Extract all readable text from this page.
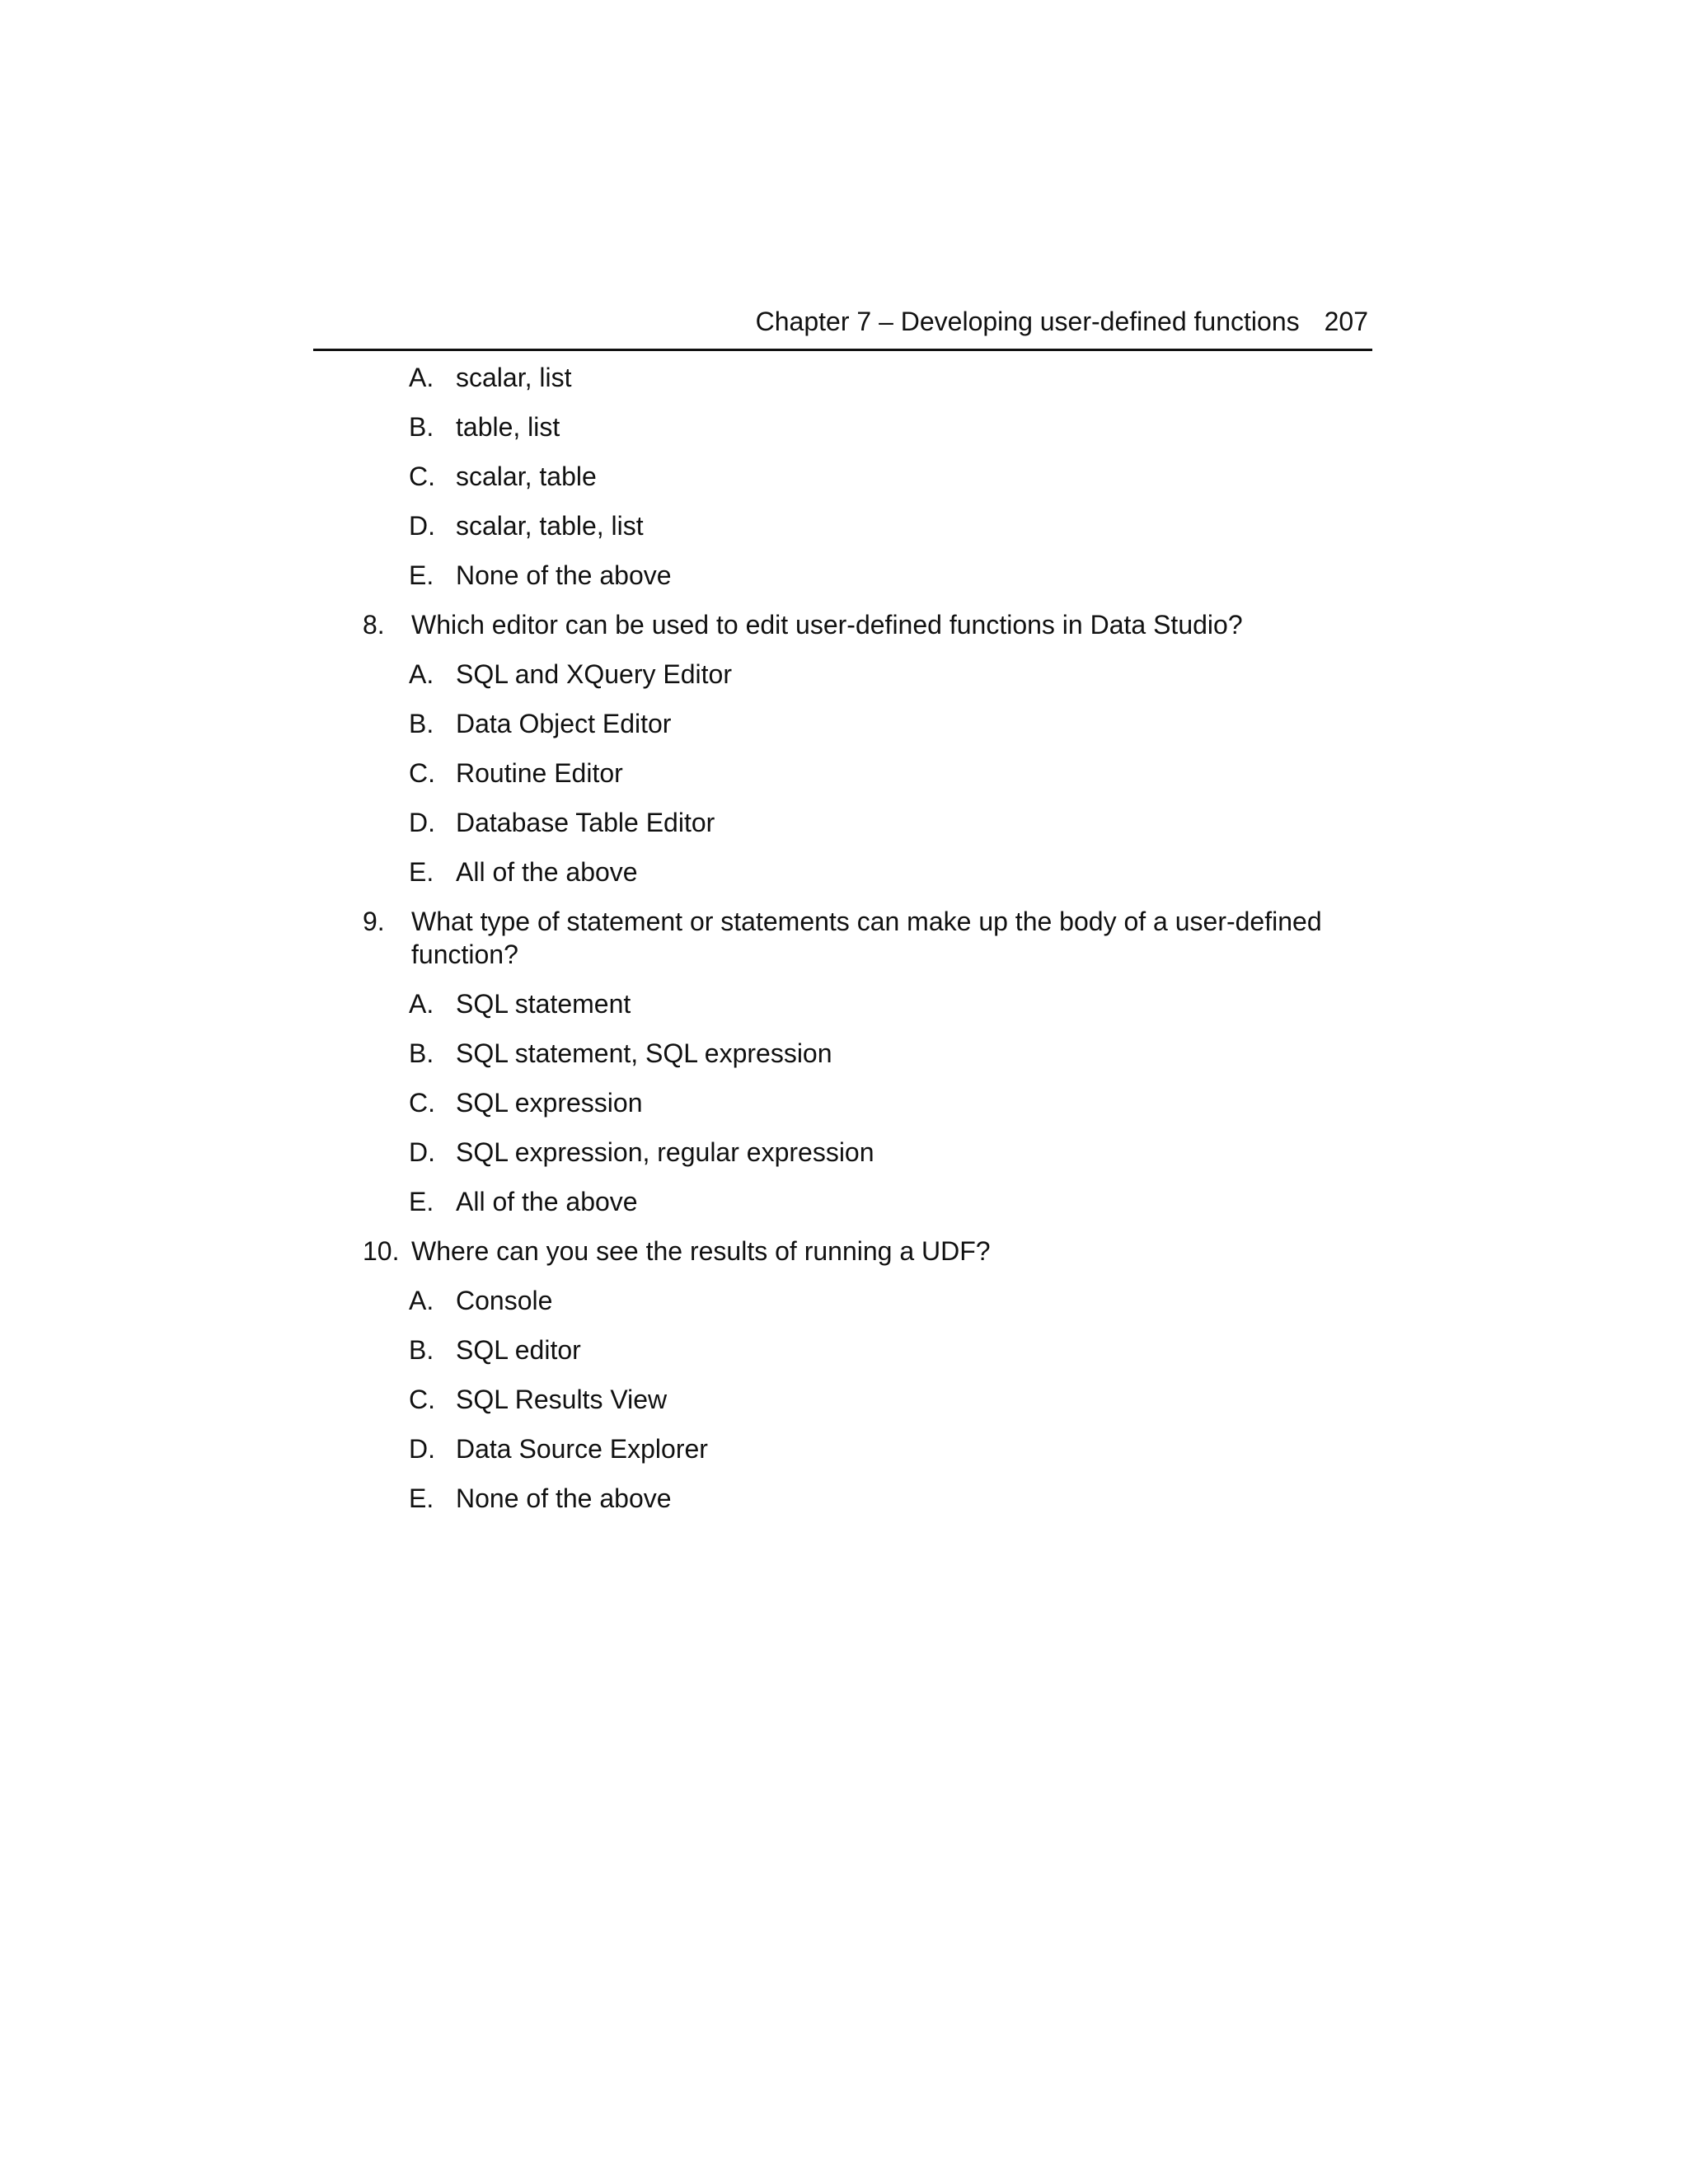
Chapter 7 – Developing user-defined functions 207
A. scalar, list
B. table, list
C. scalar, table
D. scalar, table, list
E. None of the above
8. Which editor can be used to edit user-defined functions in Data Studio?
A. SQL and XQuery Editor
B. Data Object Editor
C. Routine Editor
D. Database Table Editor
E. All of the above
9. What type of statement or statements can make up the body of a user-defined function?
A. SQL statement
B. SQL statement, SQL expression
C. SQL expression
D. SQL expression, regular expression
E. All of the above
10. Where can you see the results of running a UDF?
A. Console
B. SQL editor
C. SQL Results View
D. Data Source Explorer
E. None of the above
